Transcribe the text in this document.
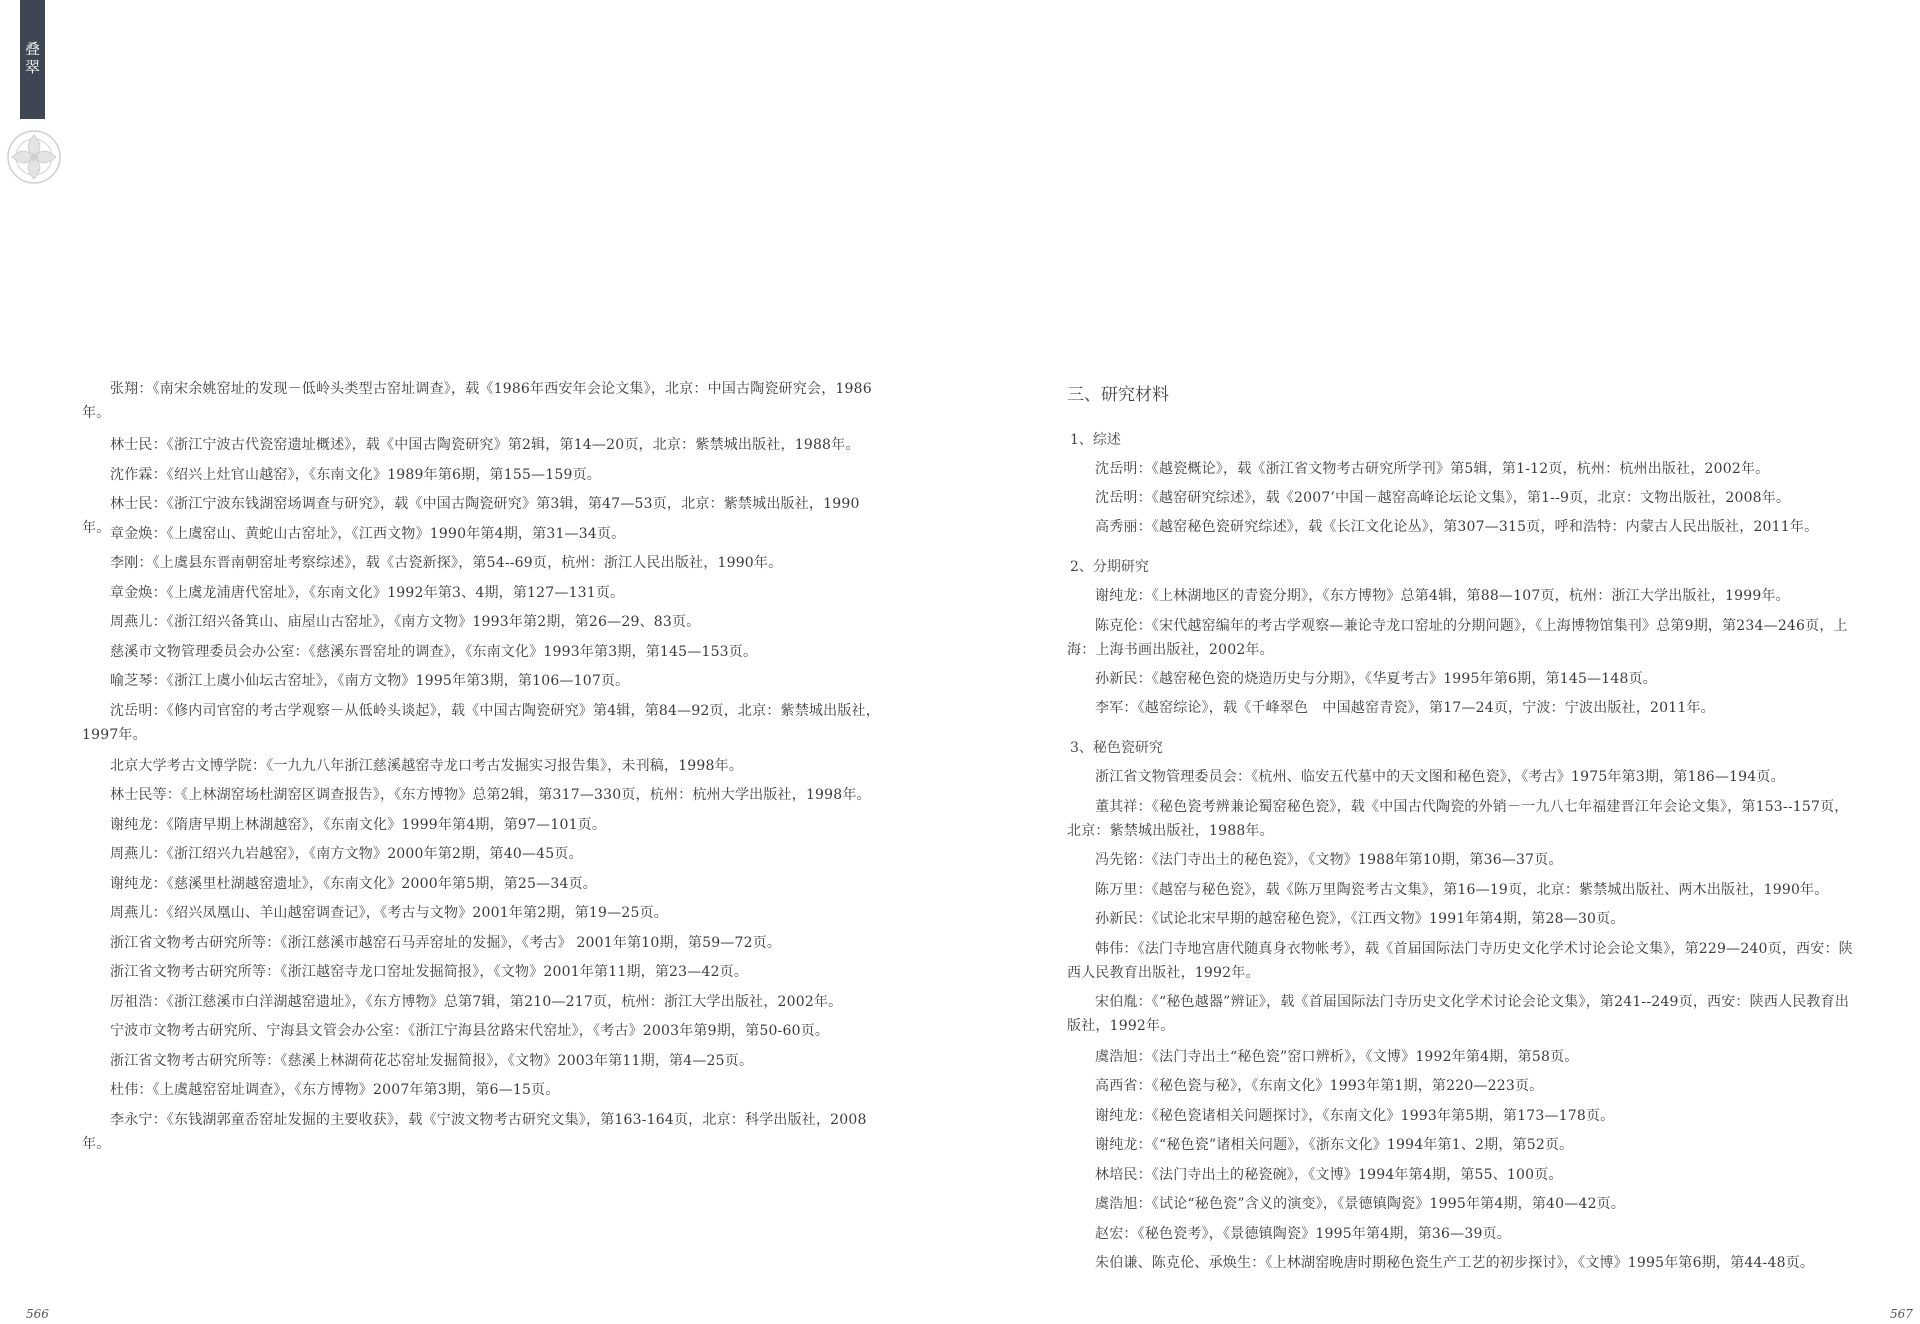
叠
翠
张翔：《南宋余姚窑址的发现－低岭头类型古窑址调查》，载《1986年西安年会论文集》，北京：中国古陶瓷研究会，1986年。
林士民：《浙江宁波古代瓷窑遗址概述》，载《中国古陶瓷研究》第2辑，第14—20页，北京：紫禁城出版社，1988年。
沈作霖：《绍兴上灶官山越窑》，《东南文化》1989年第6期，第155—159页。
林士民：《浙江宁波东钱湖窑场调查与研究》，载《中国古陶瓷研究》第3辑，第47—53页，北京：紫禁城出版社，1990年。 章金焕：《上虞窑山、黄蛇山古窑址》，《江西文物》1990年第4期，第31—34页。
李刚：《上虞县东晋南朝窑址考察综述》，载《古瓷新探》，第54--69页，杭州：浙江人民出版社，1990年。
章金焕：《上虞龙浦唐代窑址》，《东南文化》1992年第3、4期，第127—131页。
周燕儿：《浙江绍兴备箕山、庙屋山古窑址》，《南方文物》1993年第2期，第26—29、83页。
慈溪市文物管理委员会办公室：《慈溪东晋窑址的调查》，《东南文化》1993年第3期，第145—153页。
喻芝琴：《浙江上虞小仙坛古窑址》，《南方文物》1995年第3期，第106—107页。
沈岳明：《修内司官窑的考古学观察－从低岭头谈起》，载《中国古陶瓷研究》第4辑，第84—92页，北京：紫禁城出版社，1997年。
北京大学考古文博学院：《一九九八年浙江慈溪越窑寺龙口考古发掘实习报告集》，未刊稿，1998年。
林士民等：《上林湖窑场杜湖窑区调查报告》，《东方博物》总第2辑，第317—330页，杭州：杭州大学出版社，1998年。
谢纯龙：《隋唐早期上林湖越窑》，《东南文化》1999年第4期，第97—101页。
周燕儿：《浙江绍兴九岩越窑》，《南方文物》2000年第2期，第40—45页。
谢纯龙：《慈溪里杜湖越窑遗址》，《东南文化》2000年第5期，第25—34页。
周燕儿：《绍兴凤凰山、羊山越窑调查记》，《考古与文物》2001年第2期，第19—25页。
浙江省文物考古研究所等：《浙江慈溪市越窑石马弄窑址的发掘》，《考古》 2001年第10期，第59—72页。
浙江省文物考古研究所等：《浙江越窑寺龙口窑址发掘简报》，《文物》2001年第11期，第23—42页。
厉祖浩：《浙江慈溪市白洋湖越窑遗址》，《东方博物》总第7辑，第210—217页，杭州：浙江大学出版社，2002年。
宁波市文物考古研究所、宁海县文管会办公室：《浙江宁海县岔路宋代窑址》，《考古》2003年第9期，第50-60页。
浙江省文物考古研究所等：《慈溪上林湖荷花芯窑址发掘简报》，《文物》2003年第11期，第4—25页。
杜伟：《上虞越窑窑址调查》，《东方博物》2007年第3期，第6—15页。
李永宁：《东钱湖郭童岙窑址发掘的主要收获》，载《宁波文物考古研究文集》，第163-164页，北京：科学出版社，2008年。
566
三、研究材料
1、综述
沈岳明：《越瓷概论》，载《浙江省文物考古研究所学刊》第5辑，第1-12页，杭州：杭州出版社，2002年。
沈岳明：《越窑研究综述》，载《2007’中国－越窑高峰论坛论文集》，第1--9页，北京：文物出版社，2008年。
高秀丽：《越窑秘色瓷研究综述》，载《长江文化论丛》，第307—315页，呼和浩特：内蒙古人民出版社，2011年。
2、分期研究
谢纯龙：《上林湖地区的青瓷分期》，《东方博物》总第4辑，第88—107页，杭州：浙江大学出版社，1999年。
陈克伦：《宋代越窑编年的考古学观察—兼论寺龙口窑址的分期问题》，《上海博物馆集刊》总第9期，第234—246页，上海：上海书画出版社，2002年。
孙新民：《越窑秘色瓷的烧造历史与分期》，《华夏考古》1995年第6期，第145—148页。
李军：《越窑综论》，载《千峰翠色　中国越窑青瓷》，第17—24页，宁波：宁波出版社，2011年。
3、秘色瓷研究
浙江省文物管理委员会：《杭州、临安五代墓中的天文图和秘色瓷》，《考古》1975年第3期，第186—194页。
董其祥：《秘色瓷考辨兼论蜀窑秘色瓷》，载《中国古代陶瓷的外销－一九八七年福建晋江年会论文集》，第153--157页，北京：紫禁城出版社，1988年。
冯先铭：《法门寺出土的秘色瓷》，《文物》1988年第10期，第36—37页。
陈万里：《越窑与秘色瓷》，载《陈万里陶瓷考古文集》，第16—19页，北京：紫禁城出版社、两木出版社，1990年。
孙新民：《试论北宋早期的越窑秘色瓷》，《江西文物》1991年第4期，第28—30页。
韩伟：《法门寺地宫唐代随真身衣物帐考》，载《首届国际法门寺历史文化学术讨论会论文集》，第229—240页，西安：陕西人民教育出版社，1992年。
宋伯胤：《“秘色越器”辨证》，载《首届国际法门寺历史文化学术讨论会论文集》，第241--249页，西安：陕西人民教育出版社，1992年。
虞浩旭：《法门寺出土“秘色瓷”窑口辨析》，《文博》1992年第4期，第58页。
高西省：《秘色瓷与秘》，《东南文化》1993年第1期，第220—223页。
谢纯龙：《秘色瓷诸相关问题探讨》，《东南文化》1993年第5期，第173—178页。
谢纯龙：《“秘色瓷”诸相关问题》，《浙东文化》1994年第1、2期，第52页。
林培民：《法门寺出土的秘瓷碗》，《文博》1994年第4期，第55、100页。
虞浩旭：《试论“秘色瓷”含义的演变》，《景德镇陶瓷》1995年第4期，第40—42页。
赵宏：《秘色瓷考》，《景德镇陶瓷》1995年第4期，第36—39页。
朱伯谦、陈克伦、承焕生：《上林湖窑晚唐时期秘色瓷生产工艺的初步探讨》，《文博》1995年第6期，第44-48页。
567
